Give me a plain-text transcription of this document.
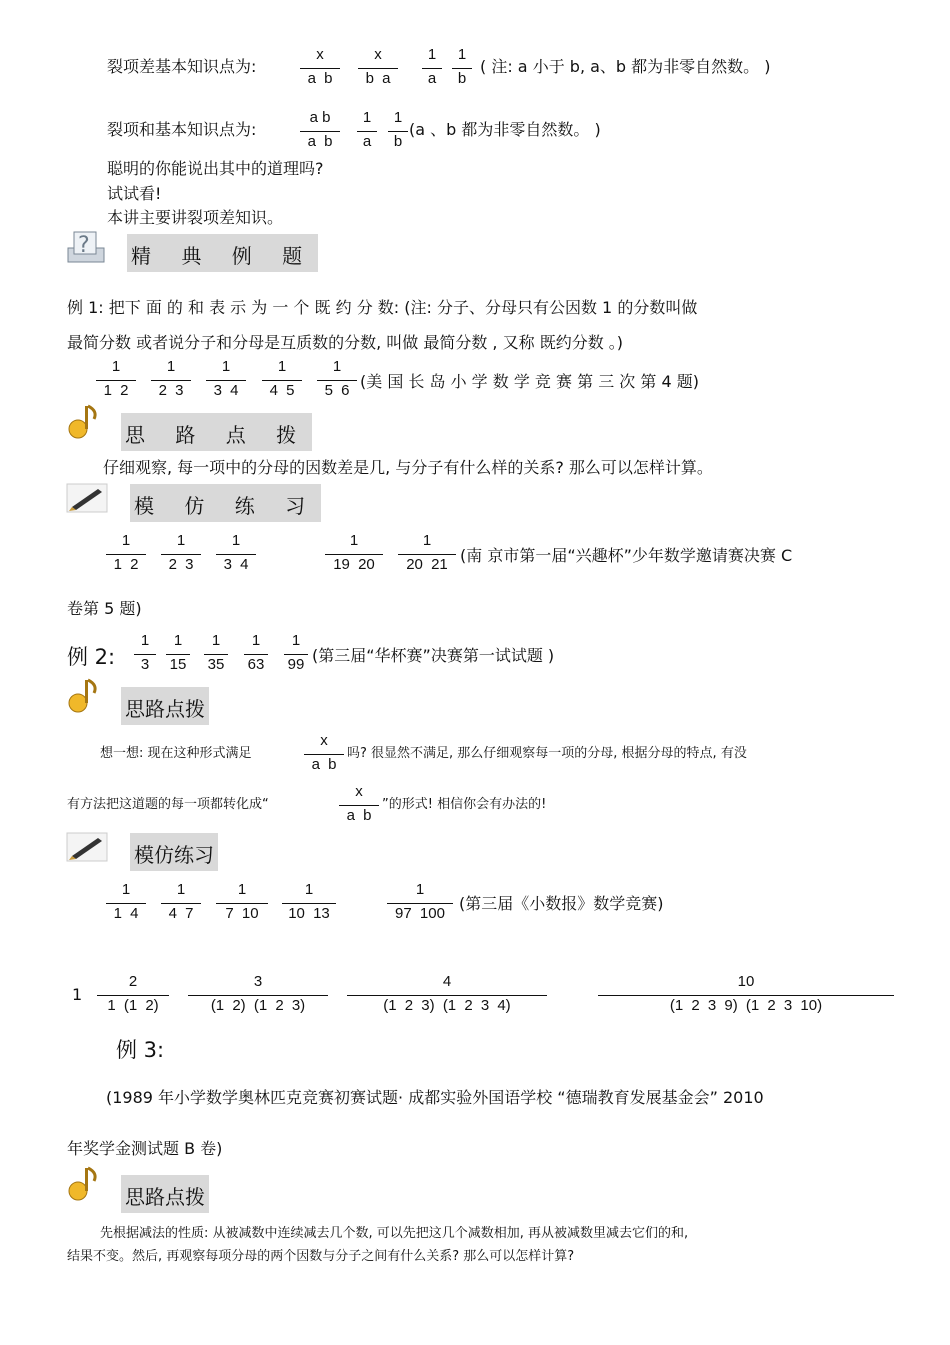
裂项差基本知识点为:
x
a b
x
b a
1
a
1
b
( 注: a 小于 b, a、b 都为非零自然数。 )
裂项和基本知识点为:
a b
a b
1
a
1
b
(a 、b 都为非零自然数。 )
聪明的你能说出其中的道理吗?
试试看!
本讲主要讲裂项差知识。
? 精 典 例 题
例 1: 把下 面 的 和 表 示 为 一 个 既 约 分 数: (注: 分子、分母只有公因数 1 的分数叫做
最简分数 或者说分子和分母是互质数的分数, 叫做 最简分数 , 又称 既约分数 。)
1
1 2
1
2 3
1
3 4
1
4 5
1
5 6 (美 国 长 岛 小 学 数 学 竞 赛 第 三 次 第 4 题)
思 路 点 拨
仔细观察, 每一项中的分母的因数差是几, 与分子有什么样的关系? 那么可以怎样计算。
模 仿 练 习
1
1 2
1
2 3
1
3 4
1
19 20
1
20 21 (南 京市第一届“兴趣杯”少年数学邀请赛决赛 C
卷第 5 题)
例 2:
1
3
1
15
1
35
1
63
1
99 (第三届“华杯赛”决赛第一试试题 )
思路点拨
想一想: 现在这种形式满足
x
a b
吗? 很显然不满足, 那么仔细观察每一项的分母, 根据分母的特点, 有没
有方法把这道题的每一项都转化成“
x
a b
”的形式! 相信你会有办法的!
模仿练习
1
1 4
1
4 7
1
7 10
1
10 13
1
97 100
(第三届《小数报》数学竞赛)
1
2
1 (1 2)
3
(1 2) (1 2 3)
4
(1 2 3) (1 2 3 4)
10
(1 2 3 9) (1 2 3 10)
例 3:
(1989 年小学数学奥林匹克竞赛初赛试题· 成都实验外国语学校 “德瑞教育发展基金会” 2010
年奖学金测试题 B 卷)
思路点拨
先根据减法的性质: 从被减数中连续减去几个数, 可以先把这几个减数相加, 再从被减数里减去它们的和,
结果不变。然后, 再观察每项分母的两个因数与分子之间有什么关系? 那么可以怎样计算?
